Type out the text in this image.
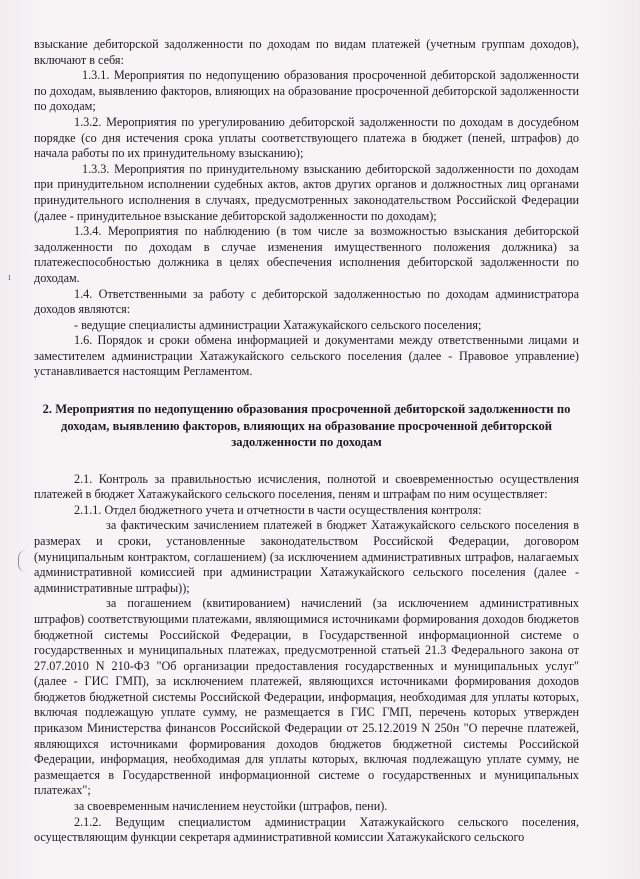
ı

взыскание дебиторской задолженности по доходам по видам платежей (учетным группам доходов), включают в себя:

1.3.1. Мероприятия по недопущению образования просроченной дебиторской задолженности по доходам, выявлению факторов, влияющих на образование просроченной дебиторской задолженности по доходам;

1.3.2. Мероприятия по урегулированию дебиторской задолженности по доходам в досудебном порядке (со дня истечения срока уплаты соответствующего платежа в бюджет (пеней, штрафов) до начала работы по их принудительному взысканию);

1.3.3. Мероприятия по принудительному взысканию дебиторской задолженности по доходам при принудительном исполнении судебных актов, актов других органов и должностных лиц органами принудительного исполнения в случаях, предусмотренных законодательством Российской Федерации (далее - принудительное взыскание дебиторской задолженности по доходам);

1.3.4. Мероприятия по наблюдению (в том числе за возможностью взыскания дебиторской задолженности по доходам в случае изменения имущественного положения должника) за платежеспособностью должника в целях обеспечения исполнения дебиторской задолженности по доходам.

1.4. Ответственными за работу с дебиторской задолженностью по доходам администратора доходов являются:

- ведущие специалисты администрации Хатажукайского сельского поселения;

1.6. Порядок и сроки обмена информацией и документами между ответственными лицами и заместителем администрации Хатажукайского сельского поселения (далее - Правовое управление) устанавливается настоящим Регламентом.

2. Мероприятия по недопущению образования просроченной дебиторской задолженности по доходам, выявлению факторов, влияющих на образование просроченной дебиторской задолженности по доходам

2.1. Контроль за правильностью исчисления, полнотой и своевременностью осуществления платежей в бюджет Хатажукайского сельского поселения, пеням и штрафам по ним осуществляет:

2.1.1. Отдел бюджетного учета и отчетности в части осуществления контроля:

за фактическим зачислением платежей в бюджет Хатажукайского сельского поселения в размерах и сроки, установленные законодательством Российской Федерации, договором (муниципальным контрактом, соглашением) (за исключением административных штрафов, налагаемых административной комиссией при администрации Хатажукайского сельского поселения (далее - административные штрафы));

за погашением (квитированием) начислений (за исключением административных штрафов) соответствующими платежами, являющимися источниками формирования доходов бюджетов бюджетной системы Российской Федерации, в Государственной информационной системе о государственных и муниципальных платежах, предусмотренной статьей 21.3 Федерального закона от 27.07.2010 N 210-ФЗ "Об организации предоставления государственных и муниципальных услуг" (далее - ГИС ГМП), за исключением платежей, являющихся источниками формирования доходов бюджетов бюджетной системы Российской Федерации, информация, необходимая для уплаты которых, включая подлежащую уплате сумму, не размещается в ГИС ГМП, перечень которых утвержден приказом Министерства финансов Российской Федерации от 25.12.2019 N 250н "О перечне платежей, являющихся источниками формирования доходов бюджетов бюджетной системы Российской Федерации, информация, необходимая для уплаты которых, включая подлежащую уплате сумму, не размещается в Государственной информационной системе о государственных и муниципальных платежах";

за своевременным начислением неустойки (штрафов, пени).

2.1.2. Ведущим специалистом администрации Хатажукайского сельского поселения, осуществляющим функции секретаря административной комиссии Хатажукайского сельского
